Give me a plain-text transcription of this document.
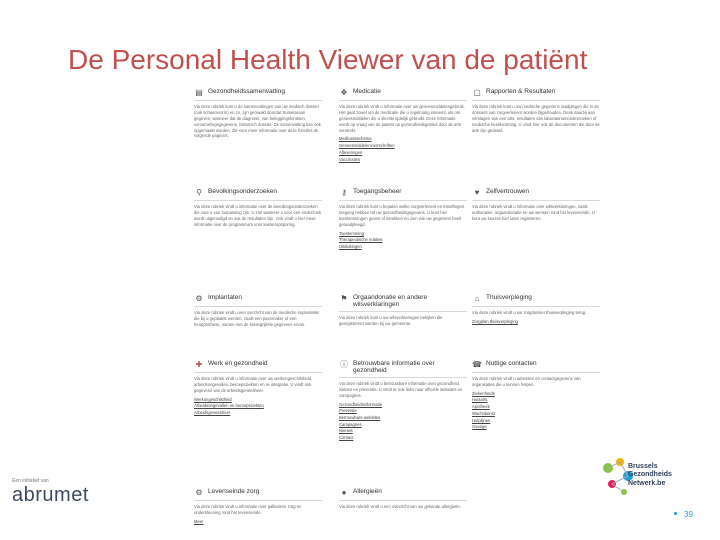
De Personal Health Viewer van de patiënt
▤ Gezondheidssamenvatting
Via deze rubriek kunt u de samenvattingen van uw medisch dossier (ook schaamvorm) en zo, zijn gemaakt doordat Sumetaraan gegeven, wanneer dat de diagnose, van beleggingsfondsen, verzamelingsgegevens, historisch dossier. De samenvatting kan ook opgemaakt worden. Zie voor meer informatie over deze functies de volgende pagina's.
❖ Medicatie
Via deze rubriek vindt u informatie over uw geneesmiddelengebruik. Het gaat zowel om de medicatie die u regelmatig inneemt, als om geneesmiddelen die u slechts tijdelijk gebruikt. Deze informatie wordt op vraag van de patiënt op gezondheidsgebied door de arts verstrekt.
Medicatieschema
Geneesmiddelenvoorschriften
Afleveringen
Vaccinaties
▢ Rapporten & Resultaten
Via deze rubriek kunt u uw medische gegevens raadplegen die in de dossiers van zorgverleners worden bijgehouden. Denk daarbij aan verslagen van een arts, resultaten van laboratoriumonderzoeken of medische beeldvorming. U vindt hier ook de documenten die door de arts zijn gedeeld.
⚲ Bevolkingsonderzoeken
Via deze rubriek vindt u informatie over de bevolkingsonderzoeken die voor u van toepassing zijn. U ziet wanneer u voor een onderzoek wordt uitgenodigd en wat de resultaten zijn. Ook vindt u hier meer informatie over de programma's voor kankeropsporing.
⚷ Toegangsbeheer
Via deze rubriek kunt u bepalen welke zorgverleners en instellingen toegang hebben tot uw gezondheidsgegevens. U kunt hier toestemmingen geven of intrekken en zien wie uw gegevens heeft geraadpleegd.
Toestemming
Therapeutische relaties
Uitsluitingen
♥	Zelfvertrouwen
Via deze rubriek vindt u informatie over wilsverklaringen, zoals euthanasie, orgaandonatie en uw wensen rond het levenseinde. U kunt uw keuzes hier laten registreren.
⚙ Implantaten
Via deze rubriek vindt u een overzicht van de medische implantaten die bij u geplaatst werden, zoals een pacemaker of een heupprothese, samen met de belangrijkste gegevens ervan.
⚑ Orgaandonatie en andere wilsverklaringen
Via deze rubriek kunt u uw wilsverklaringen bekijken die geregistreerd werden bij uw gemeente.
⌂	Thuisverpleging
Via deze rubriek vindt u uw zorgdossier thuisverpleging terug.
Zorgplan thuisverpleging
✚ Werk en gezondheid
Via deze rubriek vindt u informatie over uw werkongeschiktheid, arbeidsongevallen, beroepsziekten en re-integratie. U vindt ook gegevens van de arbeidsgeneesheer.
Werkongeschiktheid
Arbeidsongevallen en beroepsziekten
Arbeidsgeneesheer
ⓘ Betrouwbare informatie over gezondheid
Via deze rubriek vindt u betrouwbare informatie over gezondheid, ziekten en preventie. U vindt er ook links naar officiële websites en campagnes.
Gezondheidsinformatie
Preventie
Betrouwbare websites
Campagnes
Nieuws
Contact
☎ Nuttige contacten
Via deze rubriek vindt u adressen en contactgegevens van organisaties die u kunnen helpen.
Ziekenfonds
Huisarts
Apotheek
Wachtdienst
Hulplijnen
Overige
⚙ Levenseinde zorg
Via deze rubriek vindt u informatie over palliatieve zorg en ondersteuning rond het levenseinde.
Meer
●	Allergieën
Via deze rubriek vindt u een overzicht van uw gekende allergieën.
Een initiatief van
abrumet
Brussels
Gezondheids
Netwerk.be
39
